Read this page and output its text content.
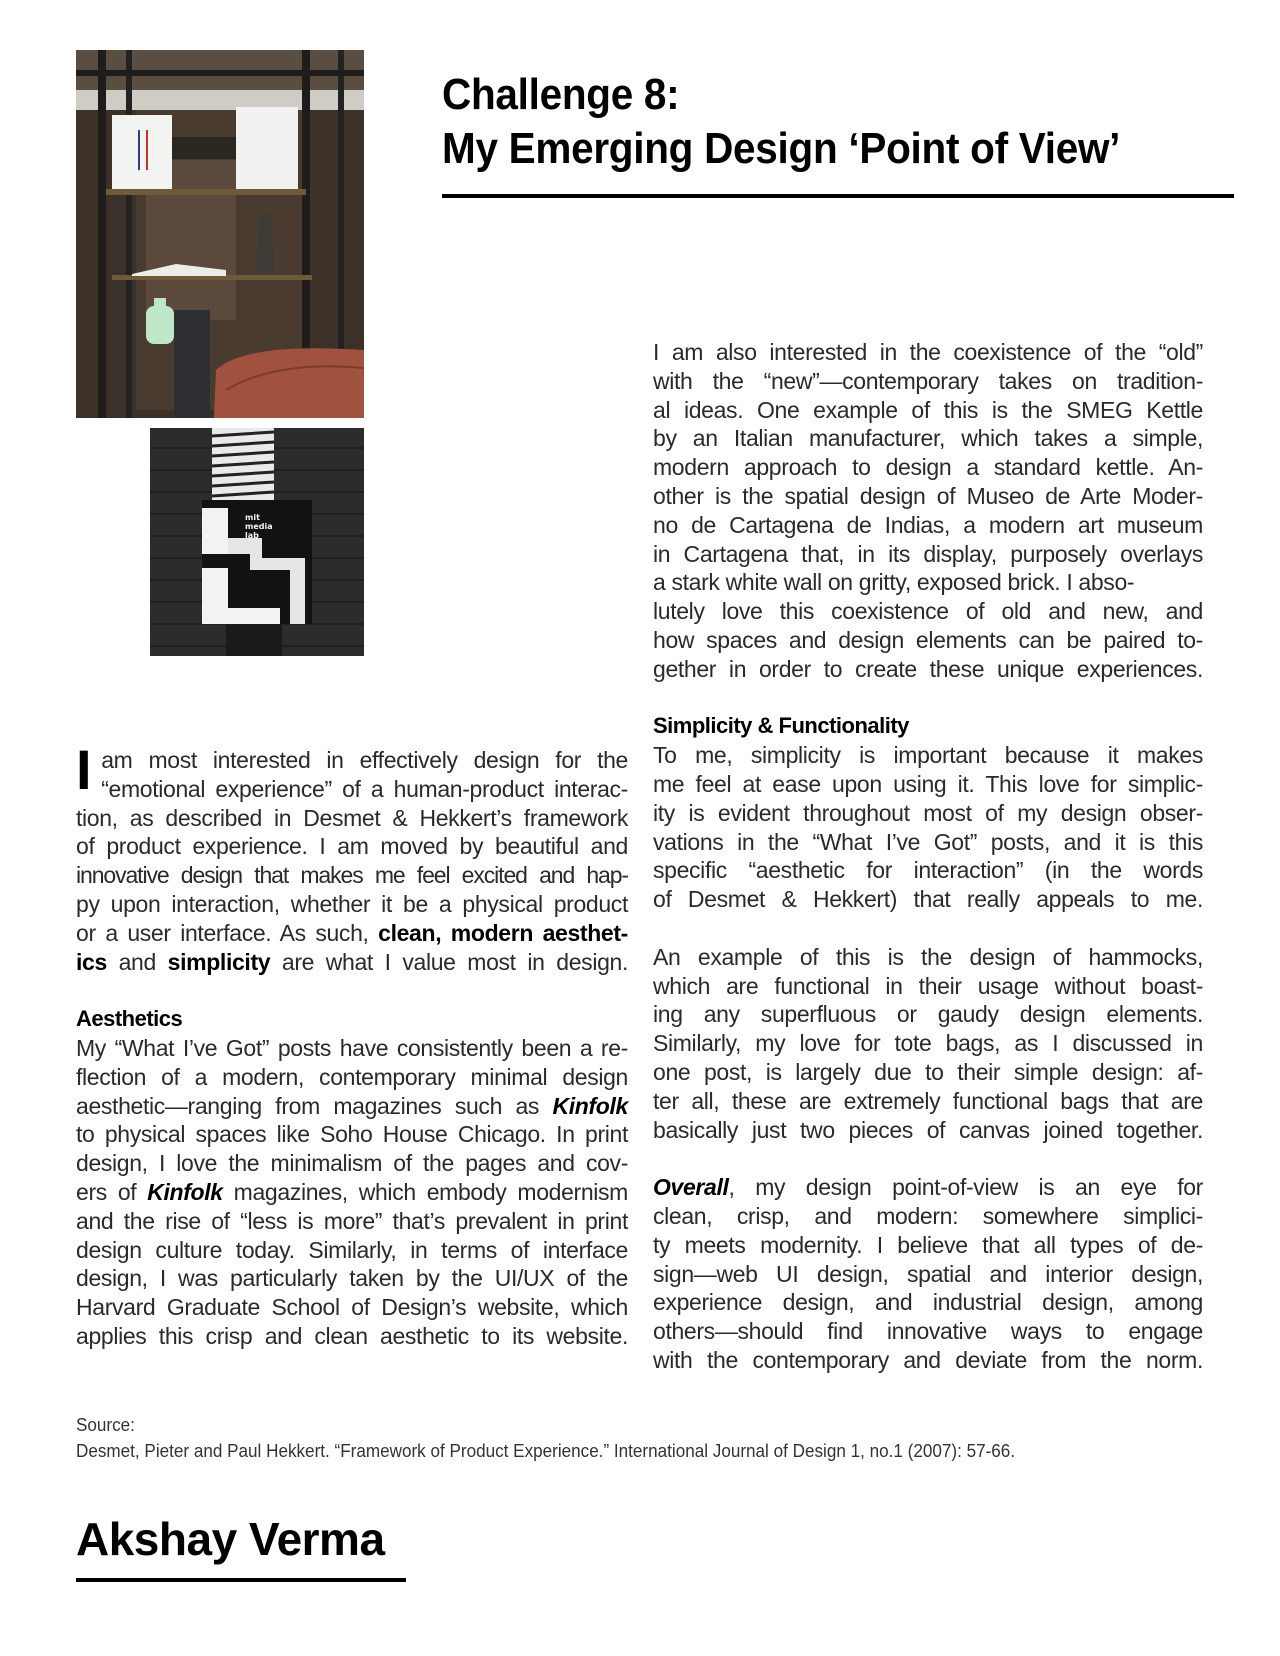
Challenge 8:
My Emerging Design ‘Point of View’
mit
media
lab
I am also interested in the coexistence of the “old”
with the “new”—contemporary takes on tradition-
al ideas. One example of this is the SMEG Kettle
by an Italian manufacturer, which takes a simple,
modern approach to design a standard kettle. An-
other is the spatial design of Museo de Arte Moder-
no de Cartagena de Indias, a modern art museum
in Cartagena that, in its display, purposely overlays
a stark white wall on gritty, exposed brick. I abso-
lutely love this coexistence of old and new, and
how spaces and design elements can be paired to-
gether in order to create these unique experiences.
Simplicity & Functionality
To me, simplicity is important because it makes
me feel at ease upon using it. This love for simplic-
ity is evident throughout most of my design obser-
vations in the “What I’ve Got” posts, and it is this
specific “aesthetic for interaction” (in the words
of Desmet & Hekkert) that really appeals to me.
An example of this is the design of hammocks,
which are functional in their usage without boast-
ing any superfluous or gaudy design elements.
Similarly, my love for tote bags, as I discussed in
one post, is largely due to their simple design: af-
ter all, these are extremely functional bags that are
basically just two pieces of canvas joined together.
Overall, my design point-of-view is an eye for
clean, crisp, and modern: somewhere simplici-
ty meets modernity. I believe that all types of de-
sign—web UI design, spatial and interior design,
experience design, and industrial design, among
others—should find innovative ways to engage
with the contemporary and deviate from the norm.
Iam most interested in effectively design for the
“emotional experience” of a human-product interac-
tion, as described in Desmet & Hekkert’s framework
of product experience. I am moved by beautiful and
innovative design that makes me feel excited and hap-
py upon interaction, whether it be a physical product
or a user interface. As such, clean, modern aesthet-
ics and simplicity are what I value most in design.
Aesthetics
My “What I’ve Got” posts have consistently been a re-
flection of a modern, contemporary minimal design
aesthetic—ranging from magazines such as Kinfolk
to physical spaces like Soho House Chicago. In print
design, I love the minimalism of the pages and cov-
ers of Kinfolk magazines, which embody modernism
and the rise of “less is more” that’s prevalent in print
design culture today. Similarly, in terms of interface
design, I was particularly taken by the UI/UX of the
Harvard Graduate School of Design’s website, which
applies this crisp and clean aesthetic to its website.
Source:
Desmet, Pieter and Paul Hekkert. “Framework of Product Experience.” International Journal of Design 1, no.1 (2007): 57-66.
Akshay Verma
